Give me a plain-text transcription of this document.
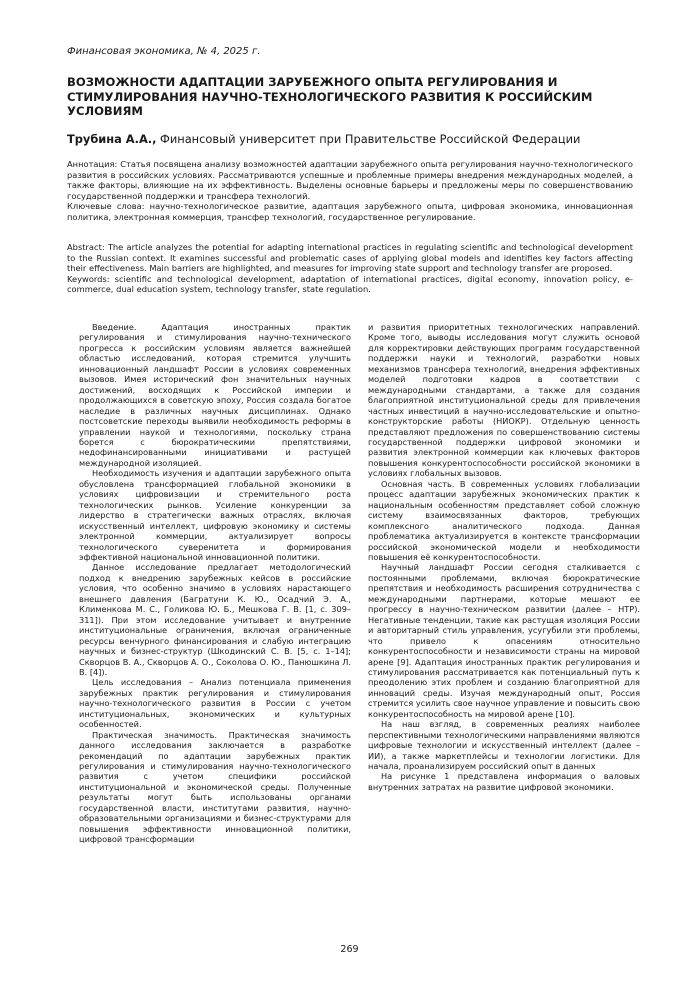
Финансовая экономика, № 4, 2025 г.
ВОЗМОЖНОСТИ АДАПТАЦИИ ЗАРУБЕЖНОГО ОПЫТА РЕГУЛИРОВАНИЯ И СТИМУЛИРОВАНИЯ НАУЧНО-ТЕХНОЛОГИЧЕСКОГО РАЗВИТИЯ К РОССИЙСКИМ УСЛОВИЯМ
Трубина А.А., Финансовый университет при Правительстве Российской Федерации

Аннотация: Статья посвящена анализу возможностей адаптации зарубежного опыта регулирования научно-технологического развития в российских условиях. Рассматриваются успешные и проблемные примеры внедрения международных моделей, а также факторы, влияющие на их эффективность. Выделены основные барьеры и предложены меры по совершенствованию государственной поддержки и трансфера технологий.

Ключевые слова: научно-технологическое развитие, адаптация зарубежного опыта, цифровая экономика, инновационная политика, электронная коммерция, трансфер технологий, государственное регулирование.

Abstract: The article analyzes the potential for adapting international practices in regulating scientific and technological development to the Russian context. It examines successful and problematic cases of applying global models and identifies key factors affecting their effectiveness. Main barriers are highlighted, and measures for improving state support and technology transfer are proposed.

Keywords: scientific and technological development, adaptation of international practices, digital economy, innovation policy, e-commerce, dual education system, technology transfer, state regulation.

Введение. Адаптация иностранных практик регулирования и стимулирования научно-технического прогресса к российским условиям является важнейшей областью исследований, которая стремится улучшить инновационный ландшафт России в условиях современных вызовов. Имея исторический фон значительных научных достижений, восходящих к Российской империи и продолжающихся в советскую эпоху, Россия создала богатое наследие в различных научных дисциплинах. Однако постсоветские переходы выявили необходимость реформы в управлении наукой и технологиями, поскольку страна борется с бюрократическими препятствиями, недофинансированными инициативами и растущей международной изоляцией.

Необходимость изучения и адаптации зарубежного опыта обусловлена трансформацией глобальной экономики в условиях цифровизации и стремительного роста технологических рынков. Усиление конкуренции за лидерство в стратегически важных отраслях, включая искусственный интеллект, цифровую экономику и системы электронной коммерции, актуализирует вопросы технологического суверенитета и формирования эффективной национальной инновационной политики.

Данное исследование предлагает методологический подход к внедрению зарубежных кейсов в российские условия, что особенно значимо в условиях нарастающего внешнего давления (Багратуни К. Ю., Осадчий Э. А., Клименкова М. С., Голикова Ю. Б., Мешкова Г. В. [1, с. 309–311]). При этом исследование учитывает и внутренние институциональные ограничения, включая ограниченные ресурсы венчурного финансирования и слабую интеграцию научных и бизнес-структур (Шкодинский С. В. [5, с. 1–14]; Скворцов В. А., Скворцов А. О., Соколова О. Ю., Панюшкина Л. В. [4]).

Цель исследования – Анализ потенциала применения зарубежных практик регулирования и стимулирования научно-технологического развития в России с учетом институциональных, экономических и культурных особенностей.

Практическая значимость. Практическая значимость данного исследования заключается в разработке рекомендаций по адаптации зарубежных практик регулирования и стимулирования научно-технологического развития с учетом специфики российской институциональной и экономической среды. Полученные результаты могут быть использованы органами государственной власти, институтами развития, научно-образовательными организациями и бизнес-структурами для повышения эффективности инновационной политики, цифровой трансформации

и развития приоритетных технологических направлений. Кроме того, выводы исследования могут служить основой для корректировки действующих программ государственной поддержки науки и технологий, разработки новых механизмов трансфера технологий, внедрения эффективных моделей подготовки кадров в соответствии с международными стандартами, а также для создания благоприятной институциональной среды для привлечения частных инвестиций в научно-исследовательские и опытно-конструкторские работы (НИОКР). Отдельную ценность представляют предложения по совершенствованию системы государственной поддержки цифровой экономики и развития электронной коммерции как ключевых факторов повышения конкурентоспособности российской экономики в условиях глобальных вызовов.

Основная часть. В современных условиях глобализации процесс адаптации зарубежных экономических практик к национальным особенностям представляет собой сложную систему взаимосвязанных факторов, требующих комплексного аналитического подхода. Данная проблематика актуализируется в контексте трансформации российской экономической модели и необходимости повышения её конкурентоспособности.

Научный ландшафт России сегодня сталкивается с постоянными проблемами, включая бюрократические препятствия и необходимость расширения сотрудничества с международными партнерами, которые мешают ее прогрессу в научно-техническом развитии (далее – НТР). Негативные тенденции, такие как растущая изоляция России и авторитарный стиль управления, усугубили эти проблемы, что привело к опасениям относительно конкурентоспособности и независимости страны на мировой арене [9]. Адаптация иностранных практик регулирования и стимулирования рассматривается как потенциальный путь к преодолению этих проблем и созданию благоприятной для инноваций среды. Изучая международный опыт, Россия стремится усилить свое научное управление и повысить свою конкурентоспособность на мировой арене [10].

На наш взгляд, в современных реалиях наиболее перспективными технологическими направлениями являются цифровые технологии и искусственный интеллект (далее – ИИ), а также маркетплейсы и технологии логистики. Для начала, проанализируем российский опыт в данных

На рисунке 1 представлена информация о валовых внутренних затратах на развитие цифровой экономики.

269
